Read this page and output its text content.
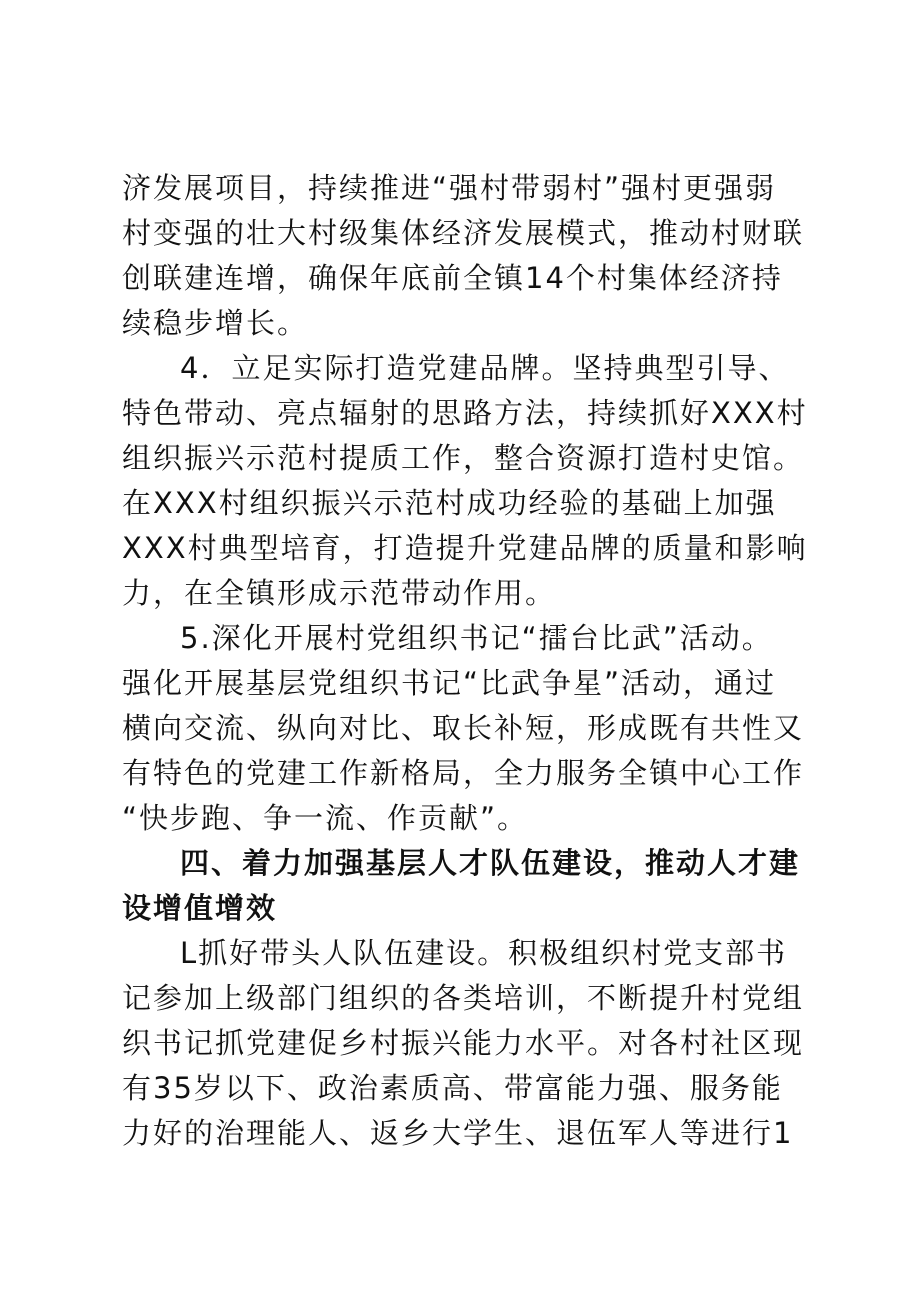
济发展项目，持续推进“强村带弱村”强村更强弱
村变强的壮大村级集体经济发展模式，推动村财联
创联建连增，确保年底前全镇14个村集体经济持
续稳步增长。
4．立足实际打造党建品牌。坚持典型引导、
特色带动、亮点辐射的思路方法，持续抓好XXX村
组织振兴示范村提质工作，整合资源打造村史馆。
在XXX村组织振兴示范村成功经验的基础上加强
XXX村典型培育，打造提升党建品牌的质量和影响
力，在全镇形成示范带动作用。
5.深化开展村党组织书记“擂台比武”活动。
强化开展基层党组织书记“比武争星”活动，通过
横向交流、纵向对比、取长补短，形成既有共性又
有特色的党建工作新格局，全力服务全镇中心工作
“快步跑、争一流、作贡献”。
四、着力加强基层人才队伍建设，推动人才建
设增值增效
L抓好带头人队伍建设。积极组织村党支部书
记参加上级部门组织的各类培训，不断提升村党组
织书记抓党建促乡村振兴能力水平。对各村社区现
有35岁以下、政治素质高、带富能力强、服务能
力好的治理能人、返乡大学生、退伍军人等进行1
